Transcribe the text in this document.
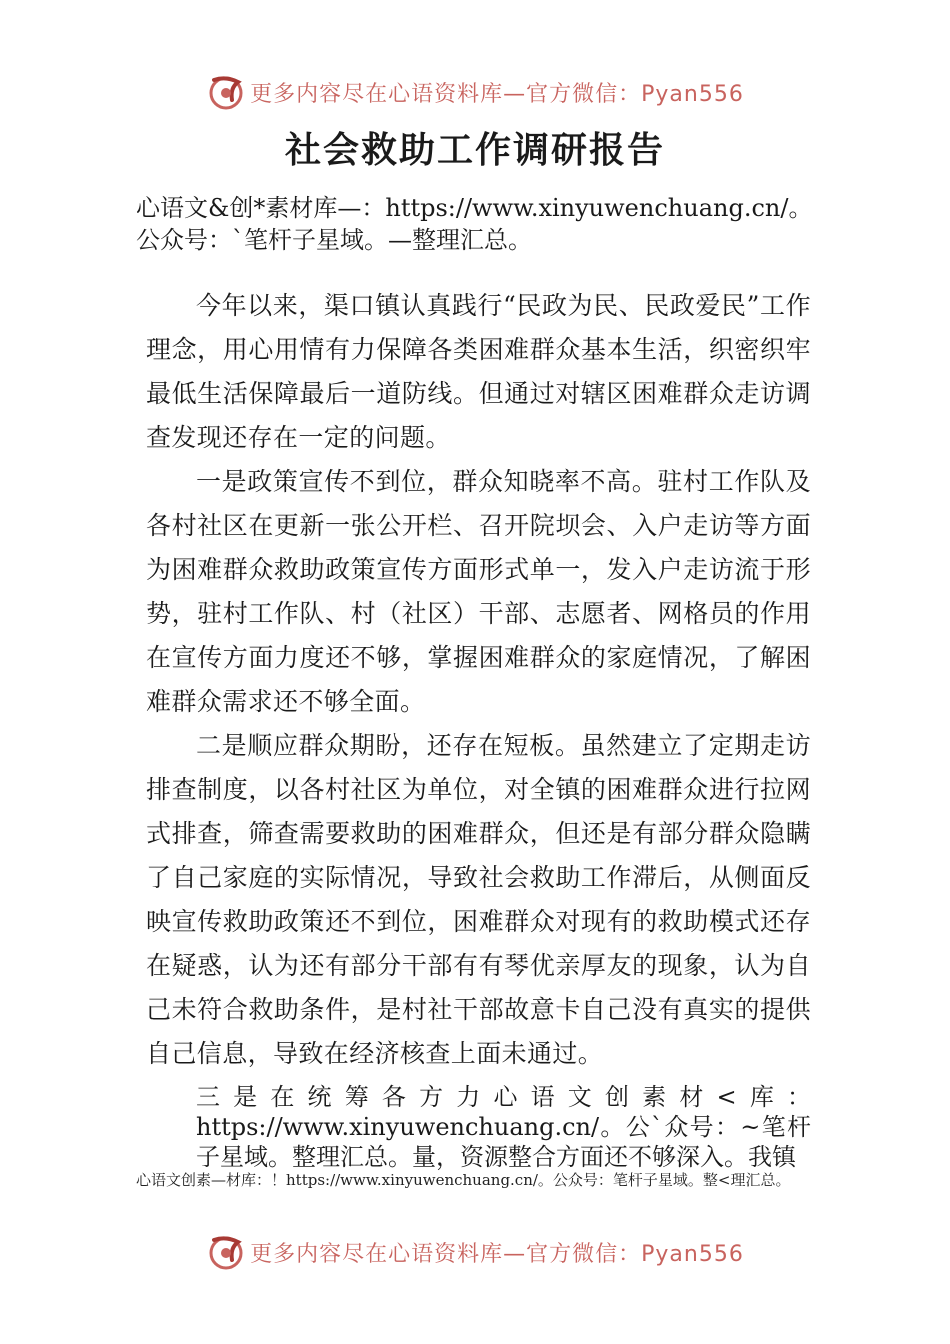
更多内容尽在心语资料库—官方微信：Pyan556
社会救助工作调研报告

心语文&创*素材库—：https://www.xinyuwenchuang.cn/。公众号：`笔杆子星域。—整理汇总。

今年以来，渠口镇认真践行“民政为民、民政爱民”工作理念，用心用情有力保障各类困难群众基本生活，织密织牢最低生活保障最后一道防线。但通过对辖区困难群众走访调查发现还存在一定的问题。

一是政策宣传不到位，群众知晓率不高。驻村工作队及各村社区在更新一张公开栏、召开院坝会、入户走访等方面为困难群众救助政策宣传方面形式单一，发入户走访流于形势，驻村工作队、村（社区）干部、志愿者、网格员的作用在宣传方面力度还不够，掌握困难群众的家庭情况，了解困难群众需求还不够全面。

二是顺应群众期盼，还存在短板。虽然建立了定期走访排查制度，以各村社区为单位，对全镇的困难群众进行拉网式排查，筛查需要救助的困难群众，但还是有部分群众隐瞒了自己家庭的实际情况，导致社会救助工作滞后，从侧面反映宣传救助政策还不到位，困难群众对现有的救助模式还存在疑惑，认为还有部分干部有有琴优亲厚友的现象，认为自己未符合救助条件，是村社干部故意卡自己没有真实的提供自己信息，导致在经济核查上面未通过。

三是在统筹各方力心语文创素材<库：https://www.xinyuwenchuang.cn/。公`众号：~笔杆子星域。整理汇总。量，资源整合方面还不够深入。我镇

心语文创素—材库：！https://www.xinyuwenchuang.cn/。公众号：笔杆子星域。整<理汇总。

更多内容尽在心语资料库—官方微信：Pyan556
